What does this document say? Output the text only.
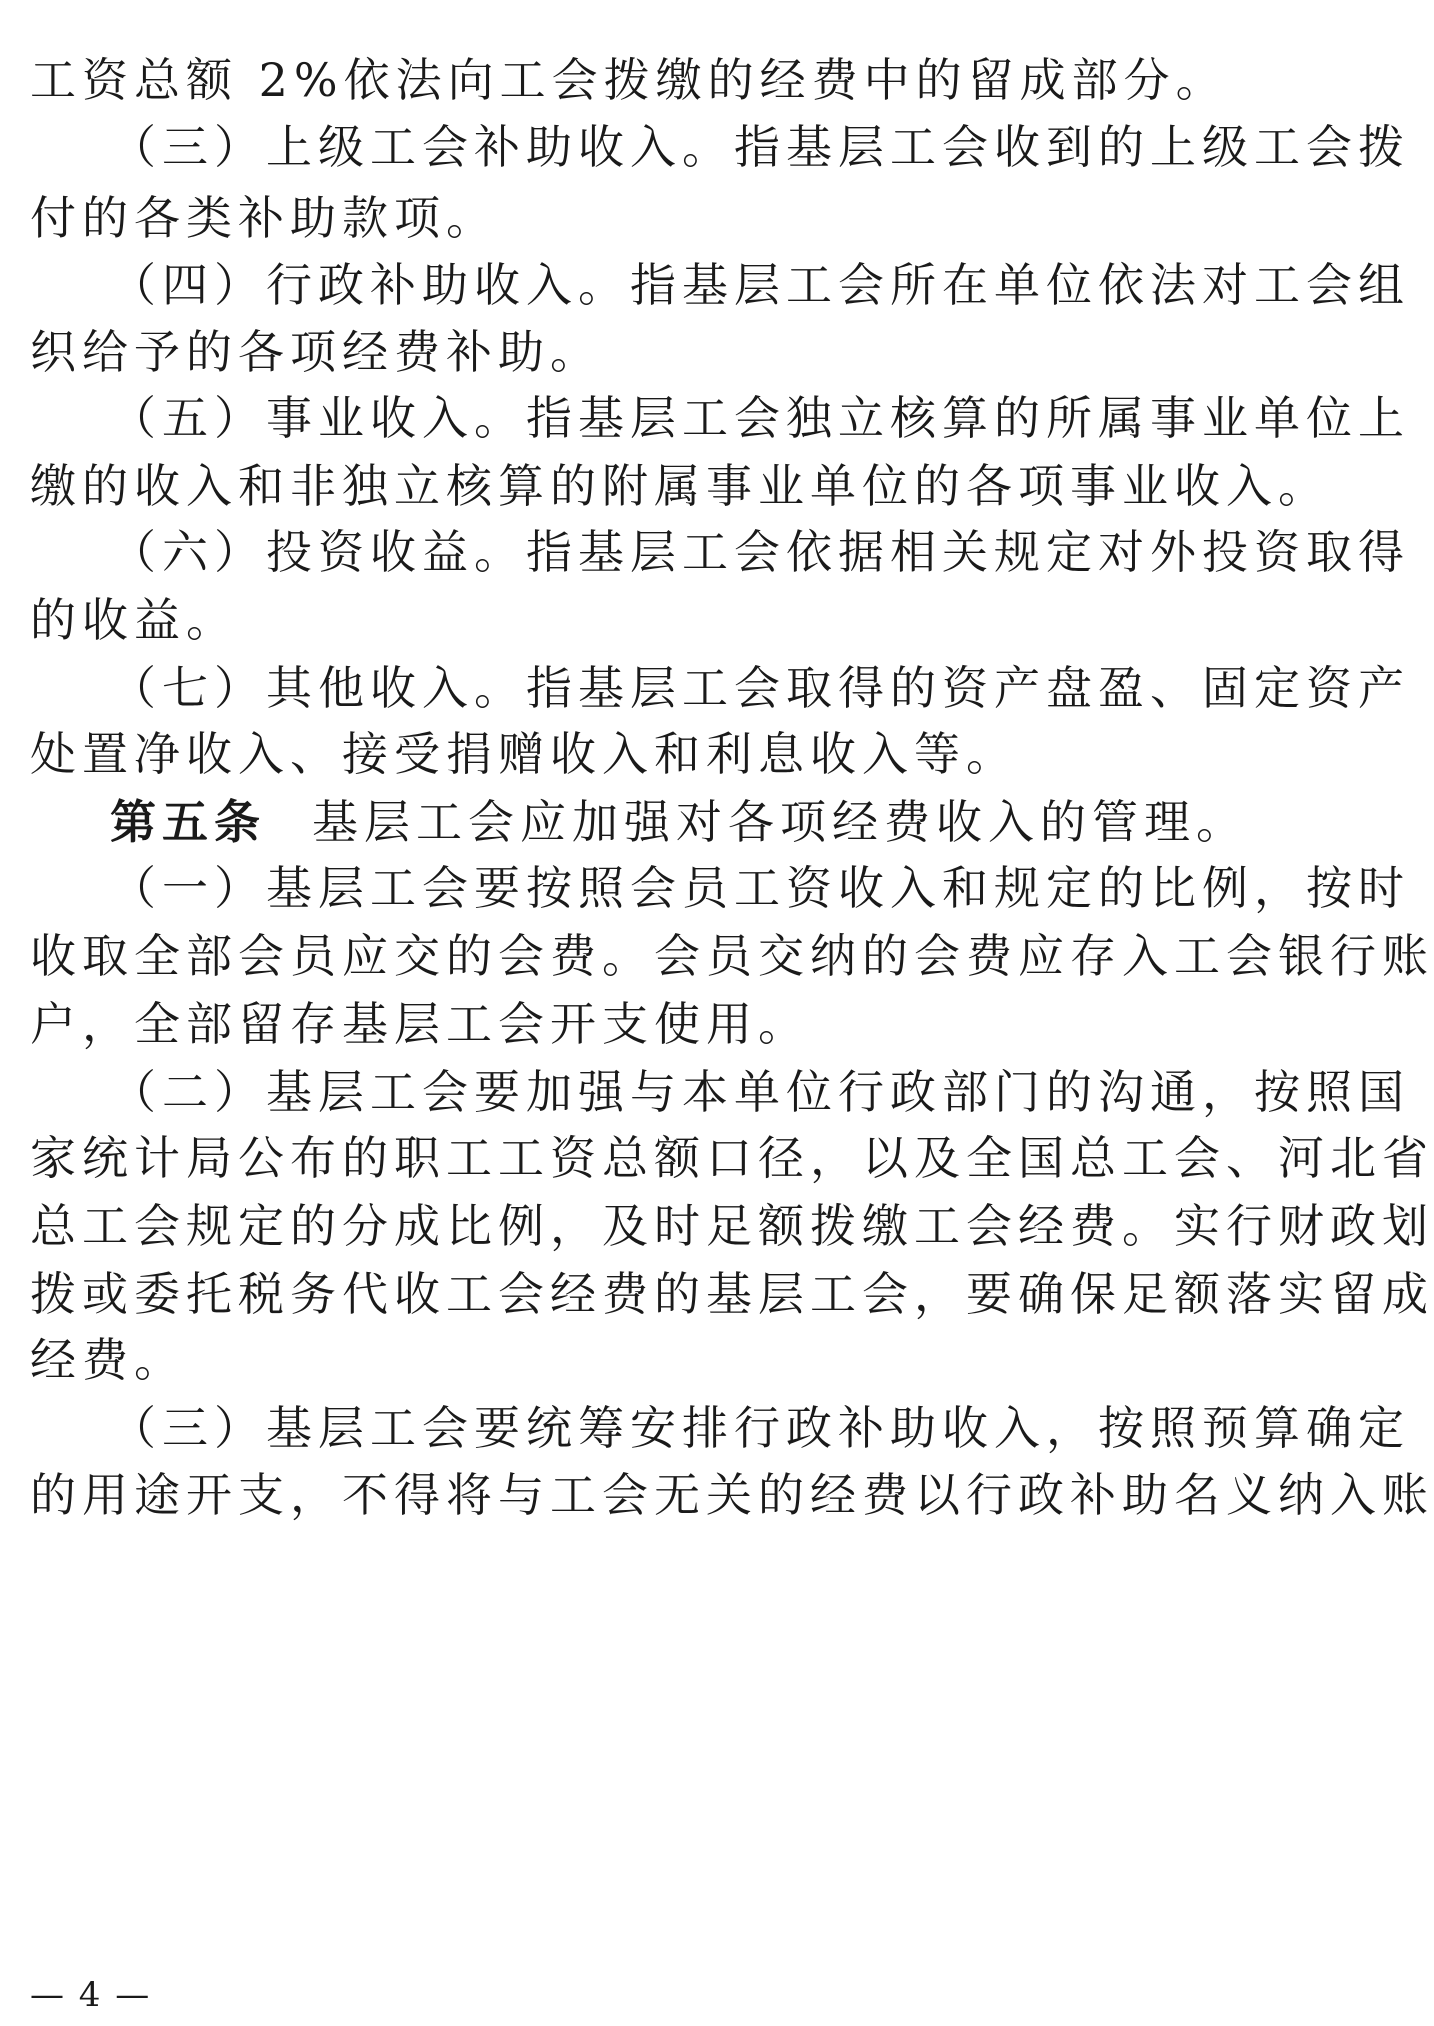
工资总额 2%依法向工会拨缴的经费中的留成部分。
（三）上级工会补助收入。指基层工会收到的上级工会拨
付的各类补助款项。
（四）行政补助收入。指基层工会所在单位依法对工会组
织给予的各项经费补助。
（五）事业收入。指基层工会独立核算的所属事业单位上
缴的收入和非独立核算的附属事业单位的各项事业收入。
（六）投资收益。指基层工会依据相关规定对外投资取得
的收益。
（七）其他收入。指基层工会取得的资产盘盈、固定资产
处置净收入、接受捐赠收入和利息收入等。
第五条 基层工会应加强对各项经费收入的管理。
（一）基层工会要按照会员工资收入和规定的比例，按时
收取全部会员应交的会费。会员交纳的会费应存入工会银行账
户，全部留存基层工会开支使用。
（二）基层工会要加强与本单位行政部门的沟通，按照国
家统计局公布的职工工资总额口径，以及全国总工会、河北省
总工会规定的分成比例，及时足额拨缴工会经费。实行财政划
拨或委托税务代收工会经费的基层工会，要确保足额落实留成
经费。
（三）基层工会要统筹安排行政补助收入，按照预算确定
的用途开支，不得将与工会无关的经费以行政补助名义纳入账
— 4 —
